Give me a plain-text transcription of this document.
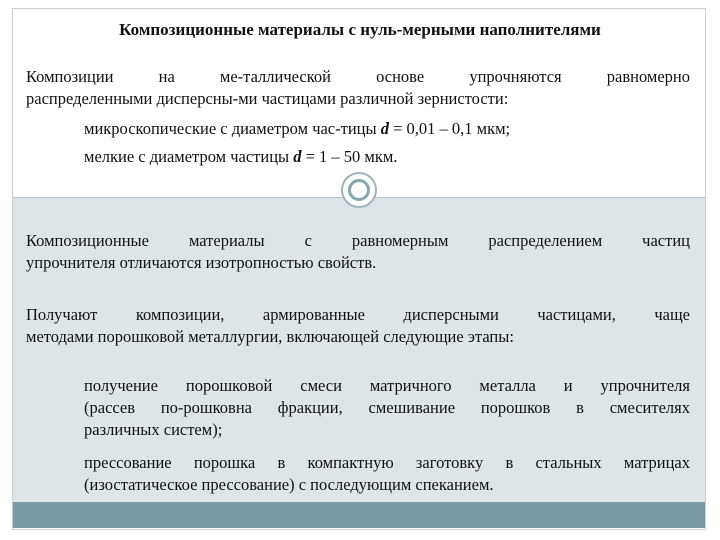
Композиционные материалы с нуль-мерными наполнителями
Композиции на ме-таллической основе упрочняются равномерно
распределенными дисперсны-ми частицами различной зернистости:
микроскопические с диаметром час-тицы d = 0,01 – 0,1 мкм;
мелкие с диаметром частицы d = 1 – 50 мкм.
Композиционные материалы с равномерным распределением частиц
упрочнителя отличаются изотропностью свойств.
Получают композиции, армированные дисперсными частицами, чаще
методами порошковой металлургии, включающей следующие этапы:
получение порошковой смеси матричного металла и упрочнителя
(рассев по-рошковна фракции, смешивание порошков в смесителях
различных систем);
прессование порошка в компактную заготовку в стальных матрицах
(изостатическое прессование) с последующим спеканием.
